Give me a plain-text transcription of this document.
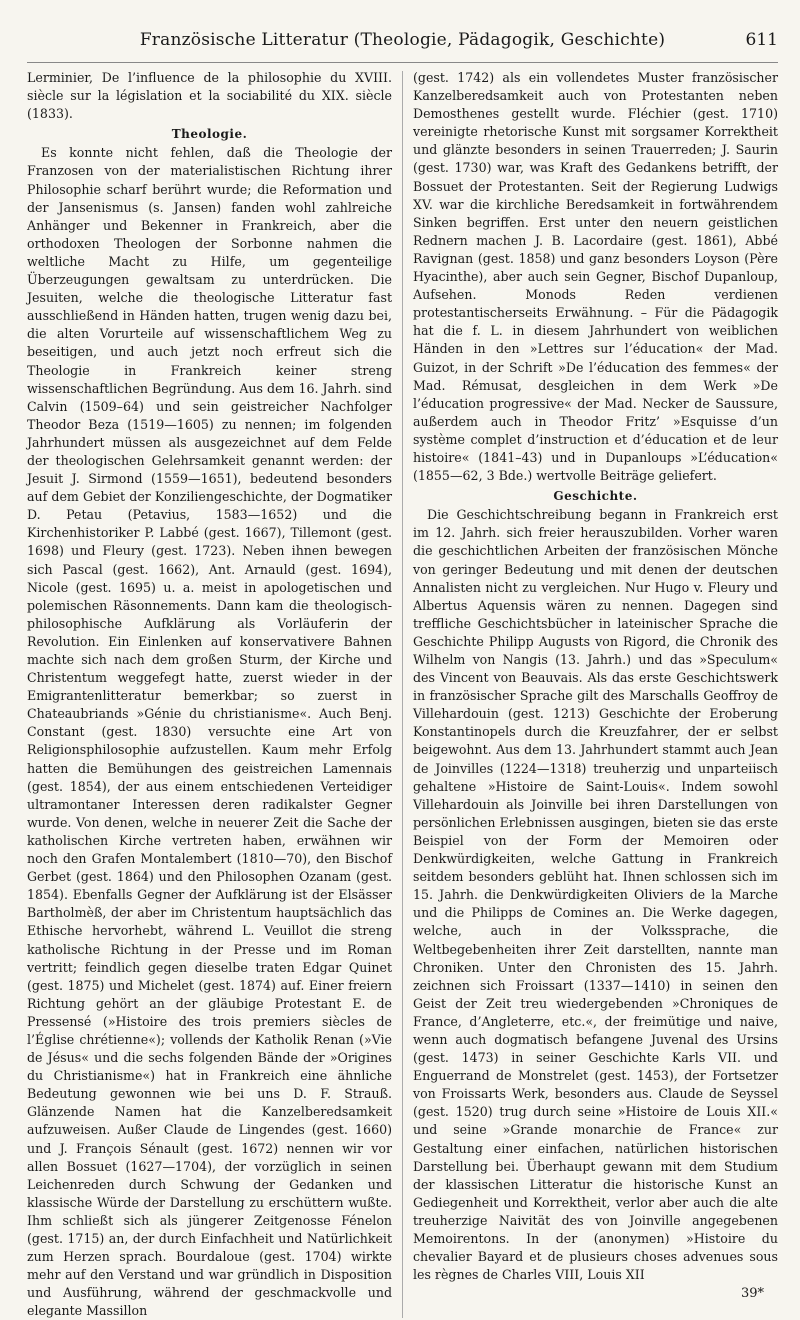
Französische Litteratur (Theologie, Pädagogik, Geschichte)	611

Lerminier, De l’influence de la philosophie du XVIII. siècle sur la législation et la sociabilité du XIX. siècle (1833).

Theologie.

Es konnte nicht fehlen, daß die Theologie der Franzosen von der materialistischen Richtung ihrer Philosophie scharf berührt wurde; die Reformation und der Jansenismus (s. Jansen) fanden wohl zahlreiche Anhänger und Bekenner in Frankreich, aber die orthodoxen Theologen der Sorbonne nahmen die weltliche Macht zu Hilfe, um gegenteilige Überzeugungen gewaltsam zu unterdrücken. Die Jesuiten, welche die theologische Litteratur fast ausschließend in Händen hatten, trugen wenig dazu bei, die alten Vorurteile auf wissenschaftlichem Weg zu beseitigen, und auch jetzt noch erfreut sich die Theologie in Frankreich keiner streng wissenschaftlichen Begründung. Aus dem 16. Jahrh. sind Calvin (1509–64) und sein geistreicher Nachfolger Theodor Beza (1519—1605) zu nennen; im folgenden Jahrhundert müssen als ausgezeichnet auf dem Felde der theologischen Gelehrsamkeit genannt werden: der Jesuit J. Sirmond (1559—1651), bedeutend besonders auf dem Gebiet der Konziliengeschichte, der Dogmatiker D. Petau (Petavius, 1583—1652) und die Kirchenhistoriker P. Labbé (gest. 1667), Tillemont (gest. 1698) und Fleury (gest. 1723). Neben ihnen bewegen sich Pascal (gest. 1662), Ant. Arnauld (gest. 1694), Nicole (gest. 1695) u. a. meist in apologetischen und polemischen Räsonnements. Dann kam die theologisch-philosophische Aufklärung als Vorläuferin der Revolution. Ein Einlenken auf konservativere Bahnen machte sich nach dem großen Sturm, der Kirche und Christentum weggefegt hatte, zuerst wieder in der Emigrantenlitteratur bemerkbar; so zuerst in Chateaubriands »Génie du christianisme«. Auch Benj. Constant (gest. 1830) versuchte eine Art von Religionsphilosophie aufzustellen. Kaum mehr Erfolg hatten die Bemühungen des geistreichen Lamennais (gest. 1854), der aus einem entschiedenen Verteidiger ultramontaner Interessen deren radikalster Gegner wurde. Von denen, welche in neuerer Zeit die Sache der katholischen Kirche vertreten haben, erwähnen wir noch den Grafen Montalembert (1810—70), den Bischof Gerbet (gest. 1864) und den Philosophen Ozanam (gest. 1854). Ebenfalls Gegner der Aufklärung ist der Elsässer Bartholmèß, der aber im Christentum hauptsächlich das Ethische hervorhebt, während L. Veuillot die streng katholische Richtung in der Presse und im Roman vertritt; feindlich gegen dieselbe traten Edgar Quinet (gest. 1875) und Michelet (gest. 1874) auf. Einer freiern Richtung gehört an der gläubige Protestant E. de Pressensé (»Histoire des trois premiers siècles de l’Église chrétienne«); vollends der Katholik Renan (»Vie de Jésus« und die sechs folgenden Bände der »Origines du Christianisme«) hat in Frankreich eine ähnliche Bedeutung gewonnen wie bei uns D. F. Strauß. Glänzende Namen hat die Kanzelberedsamkeit aufzuweisen. Außer Claude de Lingendes (gest. 1660) und J. François Sénault (gest. 1672) nennen wir vor allen Bossuet (1627—1704), der vorzüglich in seinen Leichenreden durch Schwung der Gedanken und klassische Würde der Darstellung zu erschüttern wußte. Ihm schließt sich als jüngerer Zeitgenosse Fénelon (gest. 1715) an, der durch Einfachheit und Natürlichkeit zum Herzen sprach. Bourdaloue (gest. 1704) wirkte mehr auf den Verstand und war gründlich in Disposition und Ausführung, während der geschmackvolle und elegante Massillon

(gest. 1742) als ein vollendetes Muster französischer Kanzelberedsamkeit auch von Protestanten neben Demosthenes gestellt wurde. Fléchier (gest. 1710) vereinigte rhetorische Kunst mit sorgsamer Korrektheit und glänzte besonders in seinen Trauerreden; J. Saurin (gest. 1730) war, was Kraft des Gedankens betrifft, der Bossuet der Protestanten. Seit der Regierung Ludwigs XV. war die kirchliche Beredsamkeit in fortwährendem Sinken begriffen. Erst unter den neuern geistlichen Rednern machen J. B. Lacordaire (gest. 1861), Abbé Ravignan (gest. 1858) und ganz besonders Loyson (Père Hyacinthe), aber auch sein Gegner, Bischof Dupanloup, Aufsehen. Monods Reden verdienen protestantischerseits Erwähnung. – Für die Pädagogik hat die f. L. in diesem Jahrhundert von weiblichen Händen in den »Lettres sur l’éducation« der Mad. Guizot, in der Schrift »De l’éducation des femmes« der Mad. Rémusat, desgleichen in dem Werk »De l’éducation progressive« der Mad. Necker de Saussure, außerdem auch in Theodor Fritz’ »Esquisse d’un système complet d’instruction et d’éducation et de leur histoire« (1841–43) und in Dupanloups »L’éducation« (1855—62, 3 Bde.) wertvolle Beiträge geliefert.

Geschichte.

Die Geschichtschreibung begann in Frankreich erst im 12. Jahrh. sich freier herauszubilden. Vorher waren die geschichtlichen Arbeiten der französischen Mönche von geringer Bedeutung und mit denen der deutschen Annalisten nicht zu vergleichen. Nur Hugo v. Fleury und Albertus Aquensis wären zu nennen. Dagegen sind treffliche Geschichtsbücher in lateinischer Sprache die Geschichte Philipp Augusts von Rigord, die Chronik des Wilhelm von Nangis (13. Jahrh.) und das »Speculum« des Vincent von Beauvais. Als das erste Geschichtswerk in französischer Sprache gilt des Marschalls Geoffroy de Villehardouin (gest. 1213) Geschichte der Eroberung Konstantinopels durch die Kreuzfahrer, der er selbst beigewohnt. Aus dem 13. Jahrhundert stammt auch Jean de Joinvilles (1224—1318) treuherzig und unparteiisch gehaltene »Histoire de Saint-Louis«. Indem sowohl Villehardouin als Joinville bei ihren Darstellungen von persönlichen Erlebnissen ausgingen, bieten sie das erste Beispiel von der Form der Memoiren oder Denkwürdigkeiten, welche Gattung in Frankreich seitdem besonders geblüht hat. Ihnen schlossen sich im 15. Jahrh. die Denkwürdigkeiten Oliviers de la Marche und die Philipps de Comines an. Die Werke dagegen, welche, auch in der Volkssprache, die Weltbegebenheiten ihrer Zeit darstellten, nannte man Chroniken. Unter den Chronisten des 15. Jahrh. zeichnen sich Froissart (1337—1410) in seinen den Geist der Zeit treu wiedergebenden »Chroniques de France, d’Angleterre, etc.«, der freimütige und naive, wenn auch dogmatisch befangene Juvenal des Ursins (gest. 1473) in seiner Geschichte Karls VII. und Enguerrand de Monstrelet (gest. 1453), der Fortsetzer von Froissarts Werk, besonders aus. Claude de Seyssel (gest. 1520) trug durch seine »Histoire de Louis XII.« und seine »Grande monarchie de France« zur Gestaltung einer einfachen, natürlichen historischen Darstellung bei. Überhaupt gewann mit dem Studium der klassischen Litteratur die historische Kunst an Gediegenheit und Korrektheit, verlor aber auch die alte treuherzige Naivität des von Joinville angegebenen Memoirentons. In der (anonymen) »Histoire du chevalier Bayard et de plusieurs choses advenues sous les règnes de Charles VIII, Louis XII

39*
